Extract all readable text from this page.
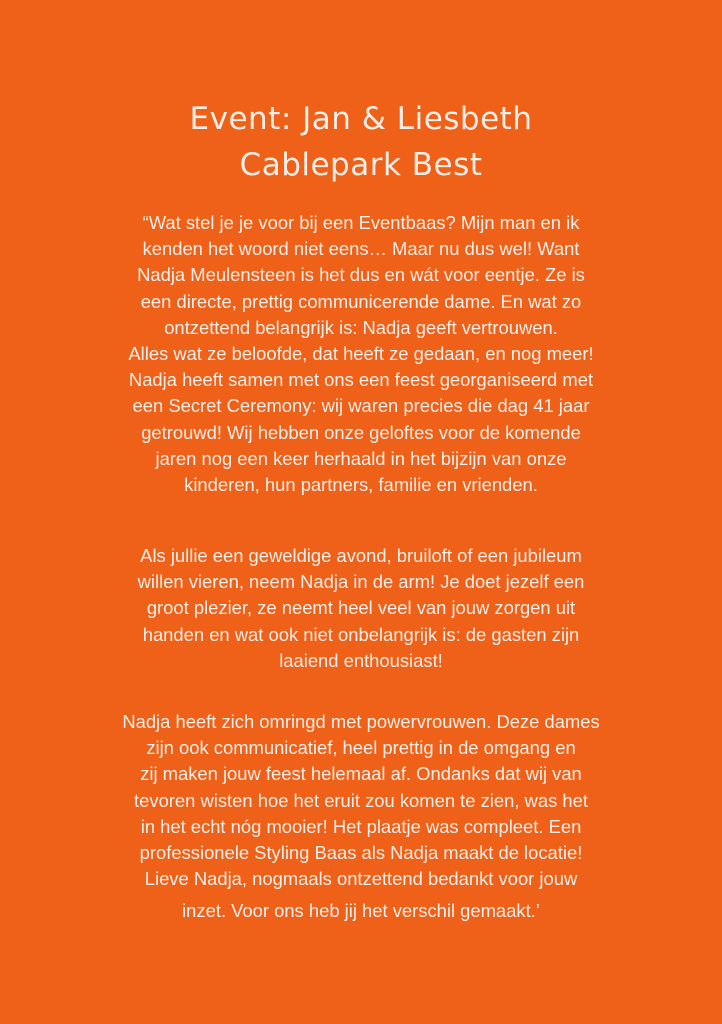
Event: Jan & Liesbeth
Cablepark Best
“Wat stel je je voor bij een Eventbaas? Mijn man en ik
kenden het woord niet eens… Maar nu dus wel! Want
Nadja Meulensteen is het dus en wát voor eentje. Ze is
een directe, prettig communicerende dame. En wat zo
ontzettend belangrijk is: Nadja geeft vertrouwen.
Alles wat ze beloofde, dat heeft ze gedaan, en nog meer!
Nadja heeft samen met ons een feest georganiseerd met
een Secret Ceremony: wij waren precies die dag 41 jaar
getrouwd! Wij hebben onze geloftes voor de komende
jaren nog een keer herhaald in het bijzijn van onze
kinderen, hun partners, familie en vrienden.
Als jullie een geweldige avond, bruiloft of een jubileum
willen vieren, neem Nadja in de arm! Je doet jezelf een
groot plezier, ze neemt heel veel van jouw zorgen uit
handen en wat ook niet onbelangrijk is: de gasten zijn
laaiend enthousiast!
Nadja heeft zich omringd met powervrouwen. Deze dames
zijn ook communicatief, heel prettig in de omgang en
zij maken jouw feest helemaal af. Ondanks dat wij van
tevoren wisten hoe het eruit zou komen te zien, was het
in het echt nóg mooier! Het plaatje was compleet. Een
professionele Styling Baas als Nadja maakt de locatie!
Lieve Nadja, nogmaals ontzettend bedankt voor jouw
inzet. Voor ons heb jij het verschil gemaakt.’
